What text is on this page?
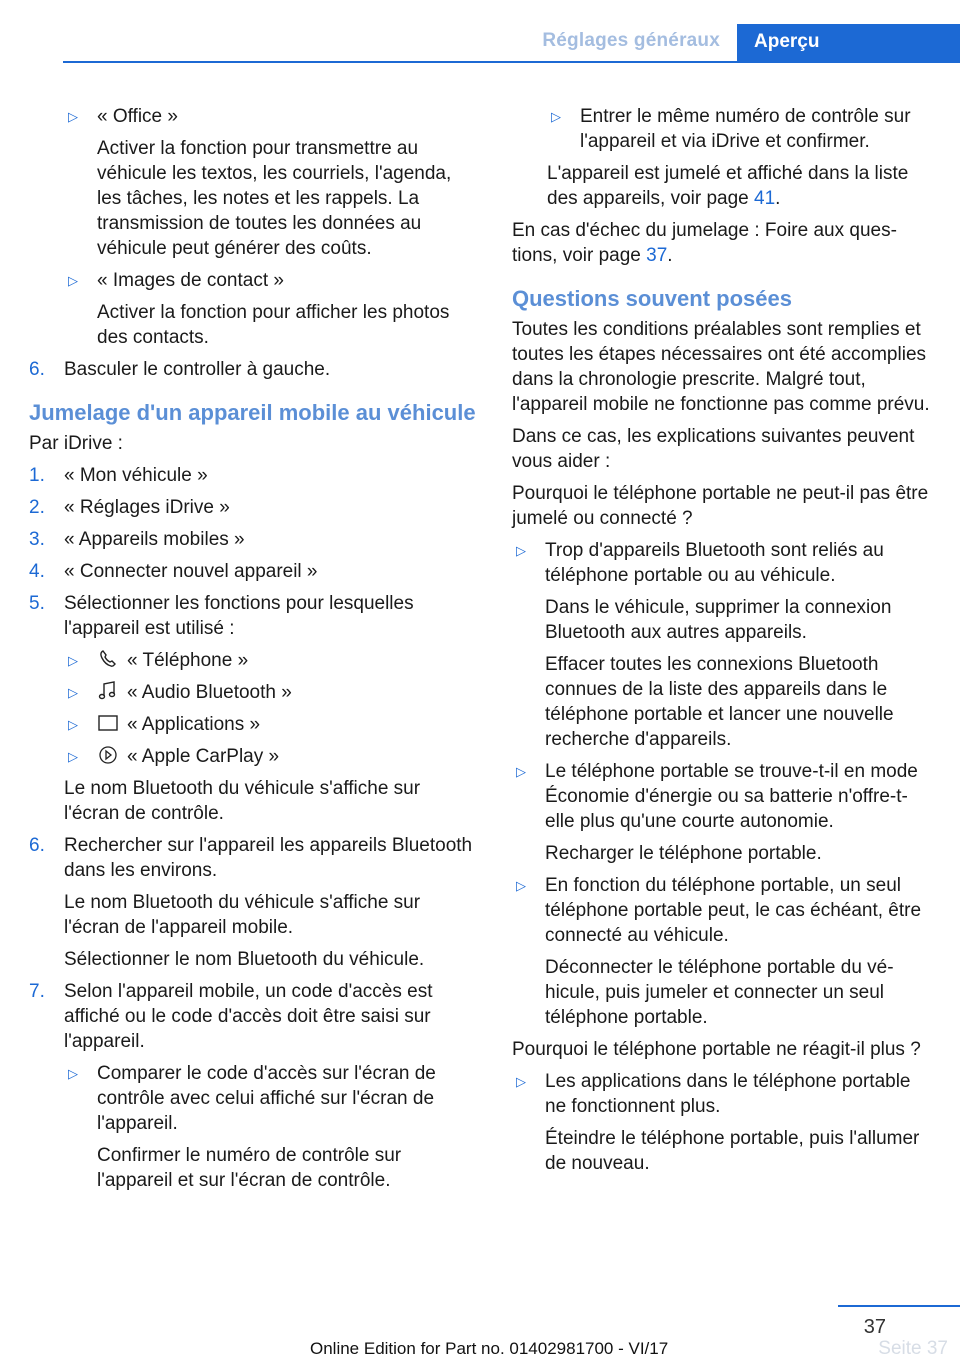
Réglages généraux Aperçu
▷	« Office »

Activer la fonction pour transmettre au véhicule les textos, les courriels, l'agenda, les tâches, les notes et les rappels. La transmission de toutes les données au véhicule peut générer des coûts.

▷	« Images de contact »

Activer la fonction pour afficher les photos des contacts.

6.	Basculer le controller à gauche.
Jumelage d'un appareil mobile au véhicule

Par iDrive :

1.	« Mon véhicule »
2.	« Réglages iDrive »
3.	« Appareils mobiles »
4.	« Connecter nouvel appareil »
5.	Sélectionner les fonctions pour lesquelles l'appareil est utilisé :
▷	« Téléphone »
▷	« Audio Bluetooth »
▷	« Applications »
▷	« Apple CarPlay »

Le nom Bluetooth du véhicule s'affiche sur l'écran de contrôle.

6.	Rechercher sur l'appareil les appareils Bluetooth dans les environs.

Le nom Bluetooth du véhicule s'affiche sur l'écran de l'appareil mobile.

Sélectionner le nom Bluetooth du véhicule.

7.	Selon l'appareil mobile, un code d'accès est affiché ou le code d'accès doit être saisi sur l'appareil.
▷	Comparer le code d'accès sur l'écran de contrôle avec celui affiché sur l'écran de l'appareil.

Confirmer le numéro de contrôle sur l'appareil et sur l'écran de contrôle.

▷	Entrer le même numéro de contrôle sur l'appareil et via iDrive et confirmer.

L'appareil est jumelé et affiché dans la liste des appareils, voir page 41.

En cas d'échec du jumelage : Foire aux questions, voir page 37.

Questions souvent posées

Toutes les conditions préalables sont remplies et toutes les étapes nécessaires ont été accomplies dans la chronologie prescrite. Malgré tout, l'appareil mobile ne fonctionne pas comme prévu.

Dans ce cas, les explications suivantes peuvent vous aider :

Pourquoi le téléphone portable ne peut-il pas être jumelé ou connecté ?

▷	Trop d'appareils Bluetooth sont reliés au téléphone portable ou au véhicule.

Dans le véhicule, supprimer la connexion Bluetooth aux autres appareils.

Effacer toutes les connexions Bluetooth connues de la liste des appareils dans le téléphone portable et lancer une nouvelle recherche d'appareils.

▷	Le téléphone portable se trouve-t-il en mode Économie d'énergie ou sa batterie n'offre-t-elle plus qu'une courte autonomie.

Recharger le téléphone portable.

▷	En fonction du téléphone portable, un seul téléphone portable peut, le cas échéant, être connecté au véhicule.

Déconnecter le téléphone portable du véhicule, puis jumeler et connecter un seul téléphone portable.

Pourquoi le téléphone portable ne réagit-il plus ?

▷	Les applications dans le téléphone portable ne fonctionnent plus.

Éteindre le téléphone portable, puis l'allumer de nouveau.

37
Online Edition for Part no. 01402981700 - VI/17	Seite 37
